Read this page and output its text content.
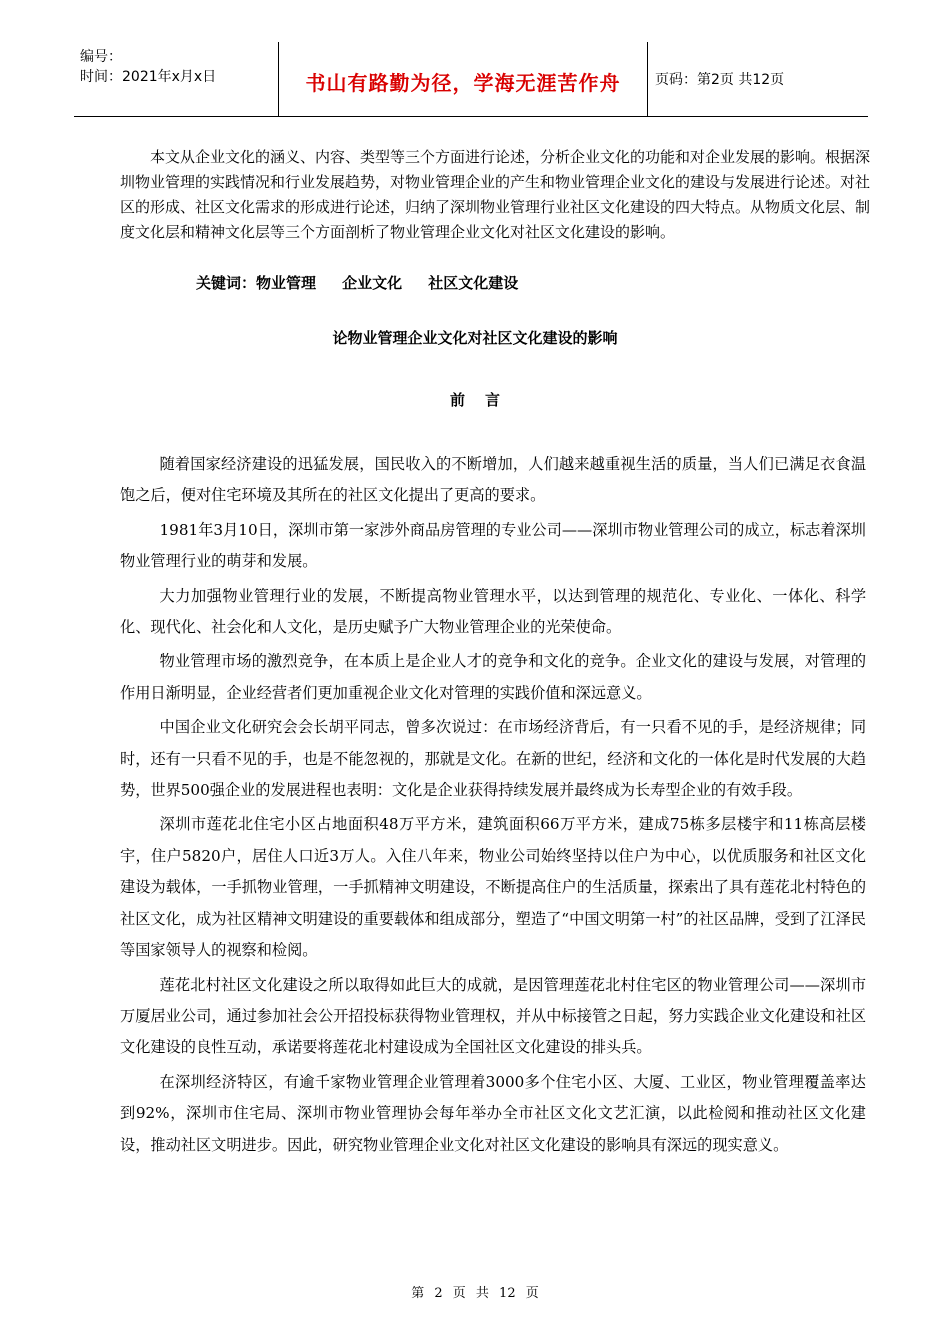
编号：
时间：2021年x月x日	书山有路勤为径，学海无涯苦作舟	页码：第2页 共12页

本文从企业文化的涵义、内容、类型等三个方面进行论述，分析企业文化的功能和对企业发展的影响。根据深圳物业管理的实践情况和行业发展趋势，对物业管理企业的产生和物业管理企业文化的建设与发展进行论述。对社区的形成、社区文化需求的形成进行论述，归纳了深圳物业管理行业社区文化建设的四大特点。从物质文化层、制度文化层和精神文化层等三个方面剖析了物业管理企业文化对社区文化建设的影响。

关键词：物业管理     企业文化     社区文化建设
论物业管理企业文化对社区文化建设的影响
前言

随着国家经济建设的迅猛发展，国民收入的不断增加，人们越来越重视生活的质量，当人们已满足衣食温饱之后，便对住宅环境及其所在的社区文化提出了更高的要求。

1981年3月10日，深圳市第一家涉外商品房管理的专业公司——深圳市物业管理公司的成立，标志着深圳物业管理行业的萌芽和发展。

大力加强物业管理行业的发展，不断提高物业管理水平，以达到管理的规范化、专业化、一体化、科学化、现代化、社会化和人文化，是历史赋予广大物业管理企业的光荣使命。

物业管理市场的激烈竞争，在本质上是企业人才的竞争和文化的竞争。企业文化的建设与发展，对管理的作用日渐明显，企业经营者们更加重视企业文化对管理的实践价值和深远意义。

中国企业文化研究会会长胡平同志，曾多次说过：在市场经济背后，有一只看不见的手，是经济规律；同时，还有一只看不见的手，也是不能忽视的，那就是文化。在新的世纪，经济和文化的一体化是时代发展的大趋势，世界500强企业的发展进程也表明：文化是企业获得持续发展并最终成为长寿型企业的有效手段。

深圳市莲花北住宅小区占地面积48万平方米，建筑面积66万平方米，建成75栋多层楼宇和11栋高层楼宇，住户5820户，居住人口近3万人。入住八年来，物业公司始终坚持以住户为中心，以优质服务和社区文化建设为载体，一手抓物业管理，一手抓精神文明建设，不断提高住户的生活质量，探索出了具有莲花北村特色的社区文化，成为社区精神文明建设的重要载体和组成部分，塑造了“中国文明第一村”的社区品牌，受到了江泽民等国家领导人的视察和检阅。

莲花北村社区文化建设之所以取得如此巨大的成就，是因管理莲花北村住宅区的物业管理公司——深圳市万厦居业公司，通过参加社会公开招投标获得物业管理权，并从中标接管之日起，努力实践企业文化建设和社区文化建设的良性互动，承诺要将莲花北村建设成为全国社区文化建设的排头兵。

在深圳经济特区，有逾千家物业管理企业管理着3000多个住宅小区、大厦、工业区，物业管理覆盖率达到92%，深圳市住宅局、深圳市物业管理协会每年举办全市社区文化文艺汇演，以此检阅和推动社区文化建设，推动社区文明进步。因此，研究物业管理企业文化对社区文化建设的影响具有深远的现实意义。

第 2 页 共 12 页
